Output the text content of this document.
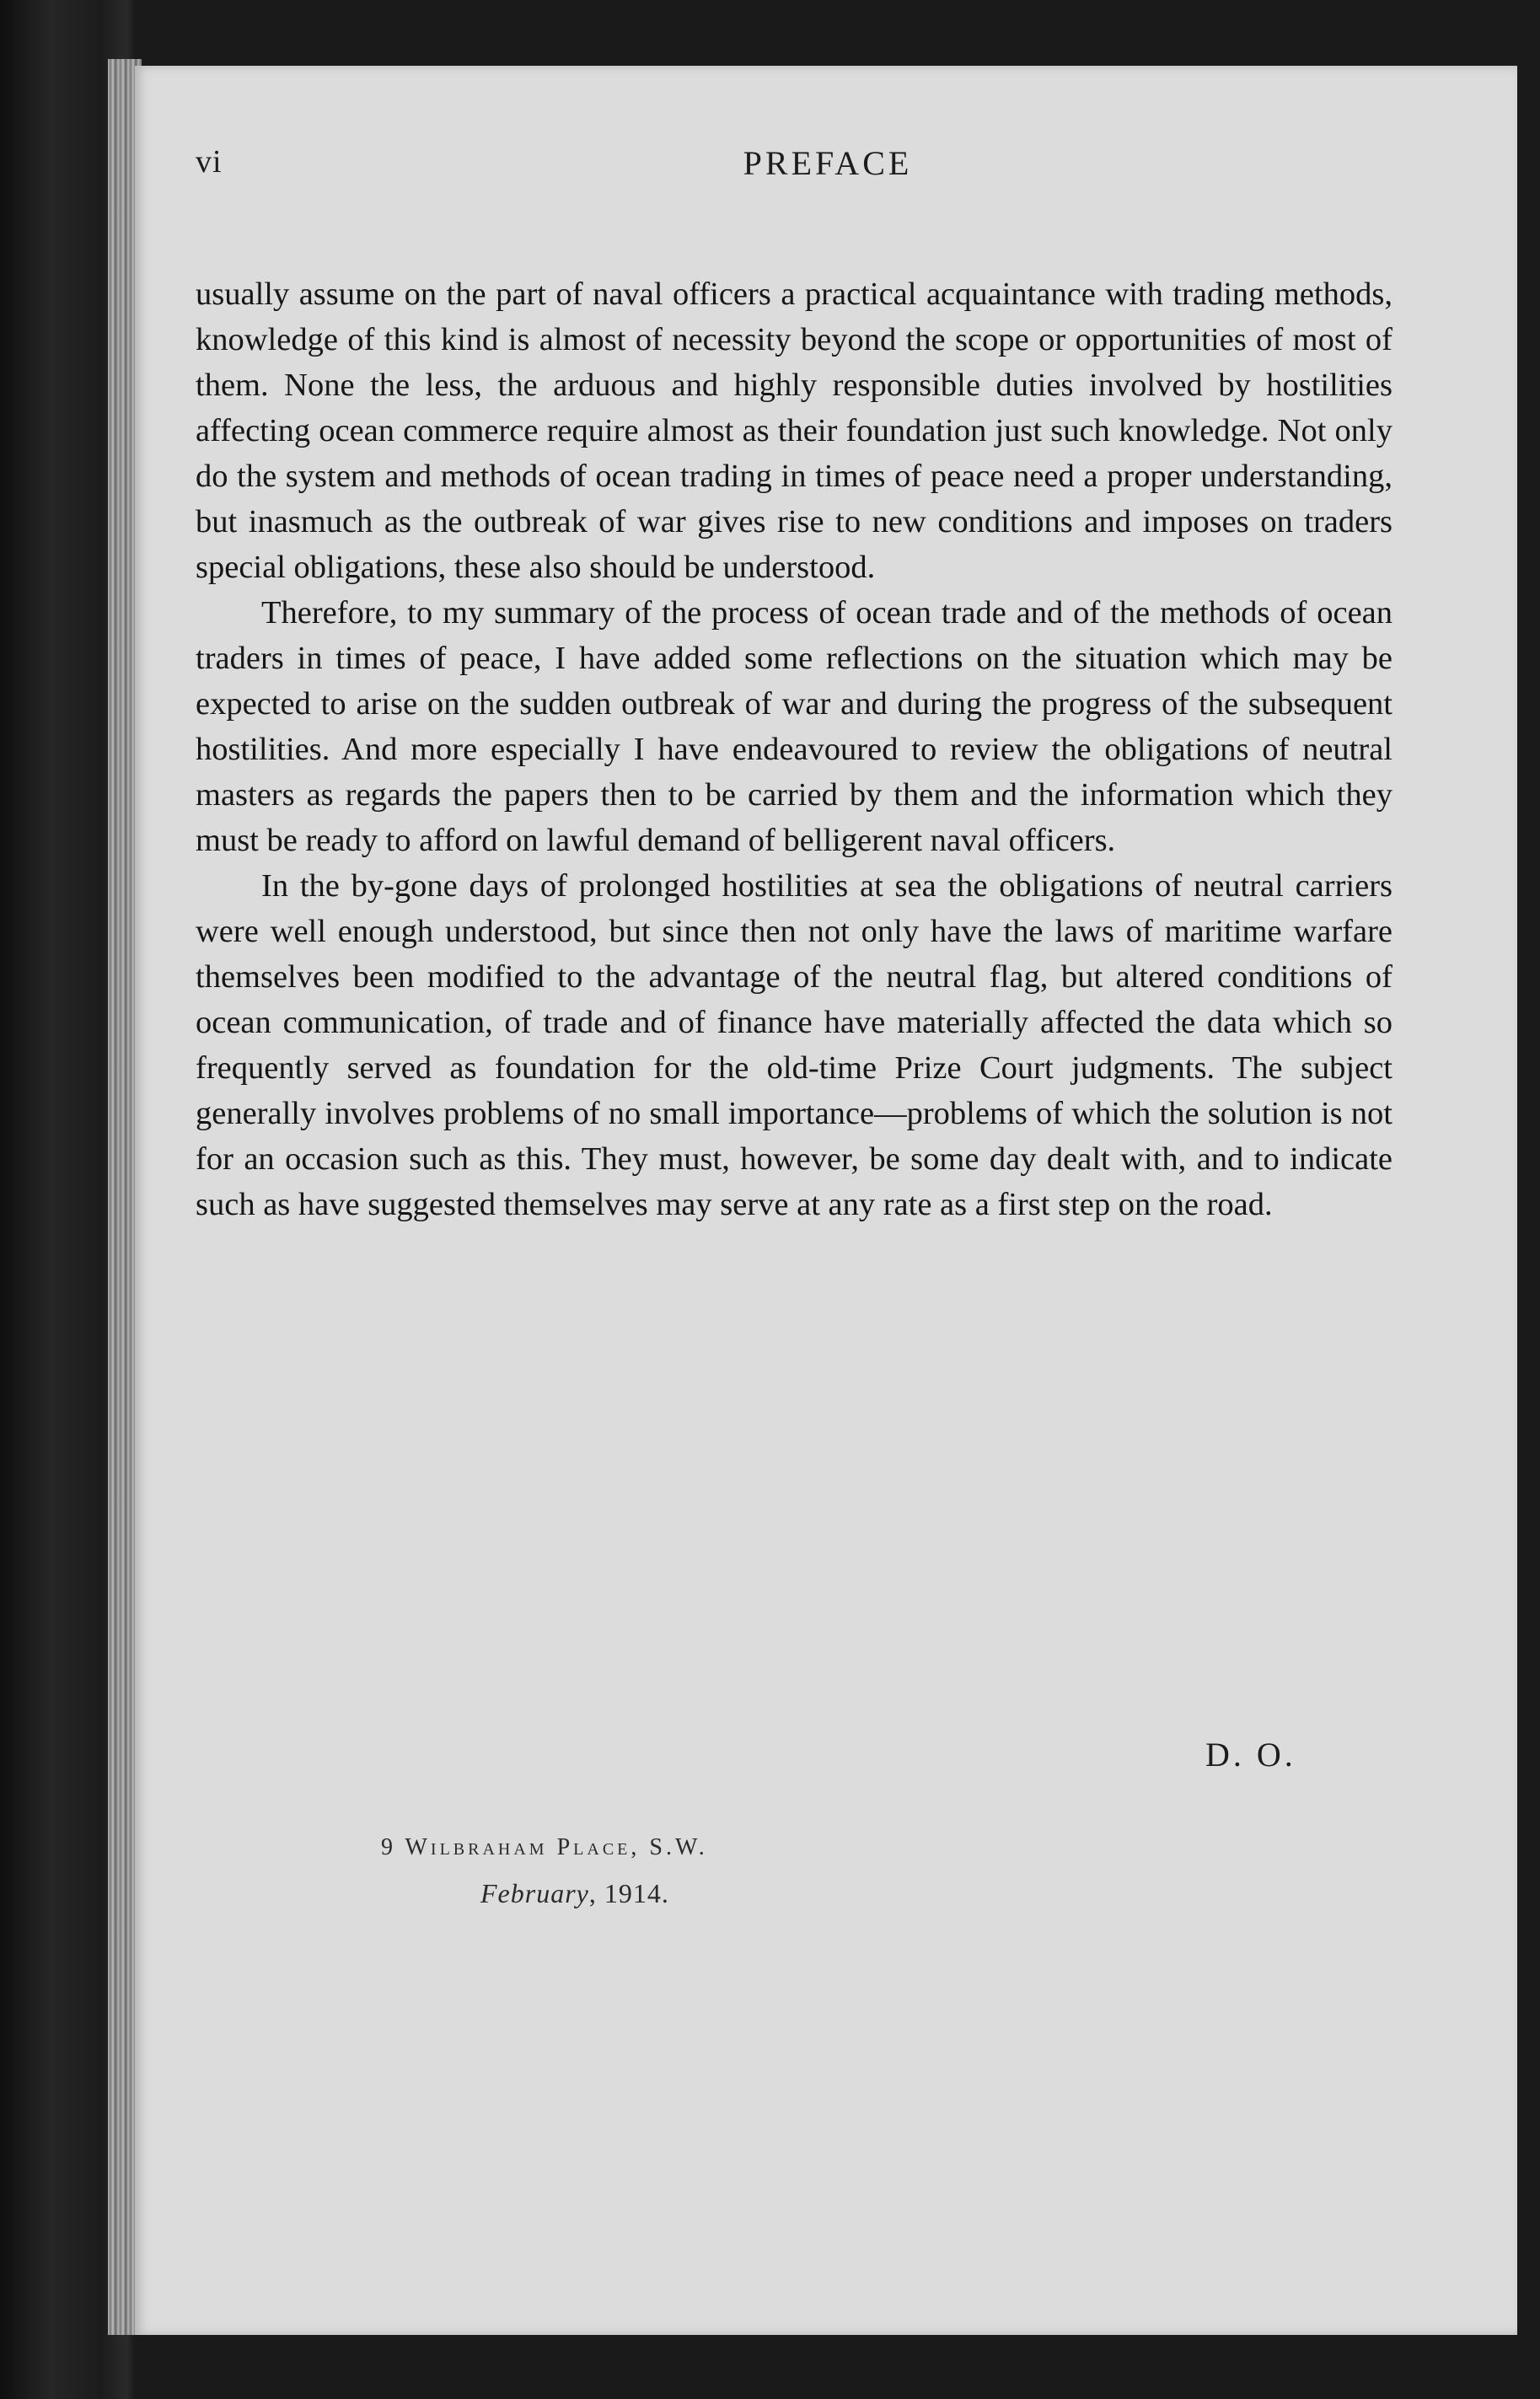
vi	PREFACE

usually assume on the part of naval officers a practical acquaintance with trading methods, knowledge of this kind is almost of necessity beyond the scope or opportunities of most of them. None the less, the arduous and highly responsible duties involved by hostilities affecting ocean commerce require almost as their foundation just such knowledge. Not only do the system and methods of ocean trading in times of peace need a proper understanding, but inasmuch as the outbreak of war gives rise to new conditions and imposes on traders special obligations, these also should be understood.

Therefore, to my summary of the process of ocean trade and of the methods of ocean traders in times of peace, I have added some reflections on the situation which may be expected to arise on the sudden outbreak of war and during the progress of the subsequent hostilities. And more especially I have endeavoured to review the obligations of neutral masters as regards the papers then to be carried by them and the information which they must be ready to afford on lawful demand of belligerent naval officers.

In the by-gone days of prolonged hostilities at sea the obligations of neutral carriers were well enough understood, but since then not only have the laws of maritime warfare themselves been modified to the advantage of the neutral flag, but altered conditions of ocean communication, of trade and of finance have materially affected the data which so frequently served as foundation for the old-time Prize Court judgments. The subject generally involves problems of no small importance—problems of which the solution is not for an occasion such as this. They must, however, be some day dealt with, and to indicate such as have suggested themselves may serve at any rate as a first step on the road.

D. O.
9 Wilbraham Place, S.W.
February, 1914.
